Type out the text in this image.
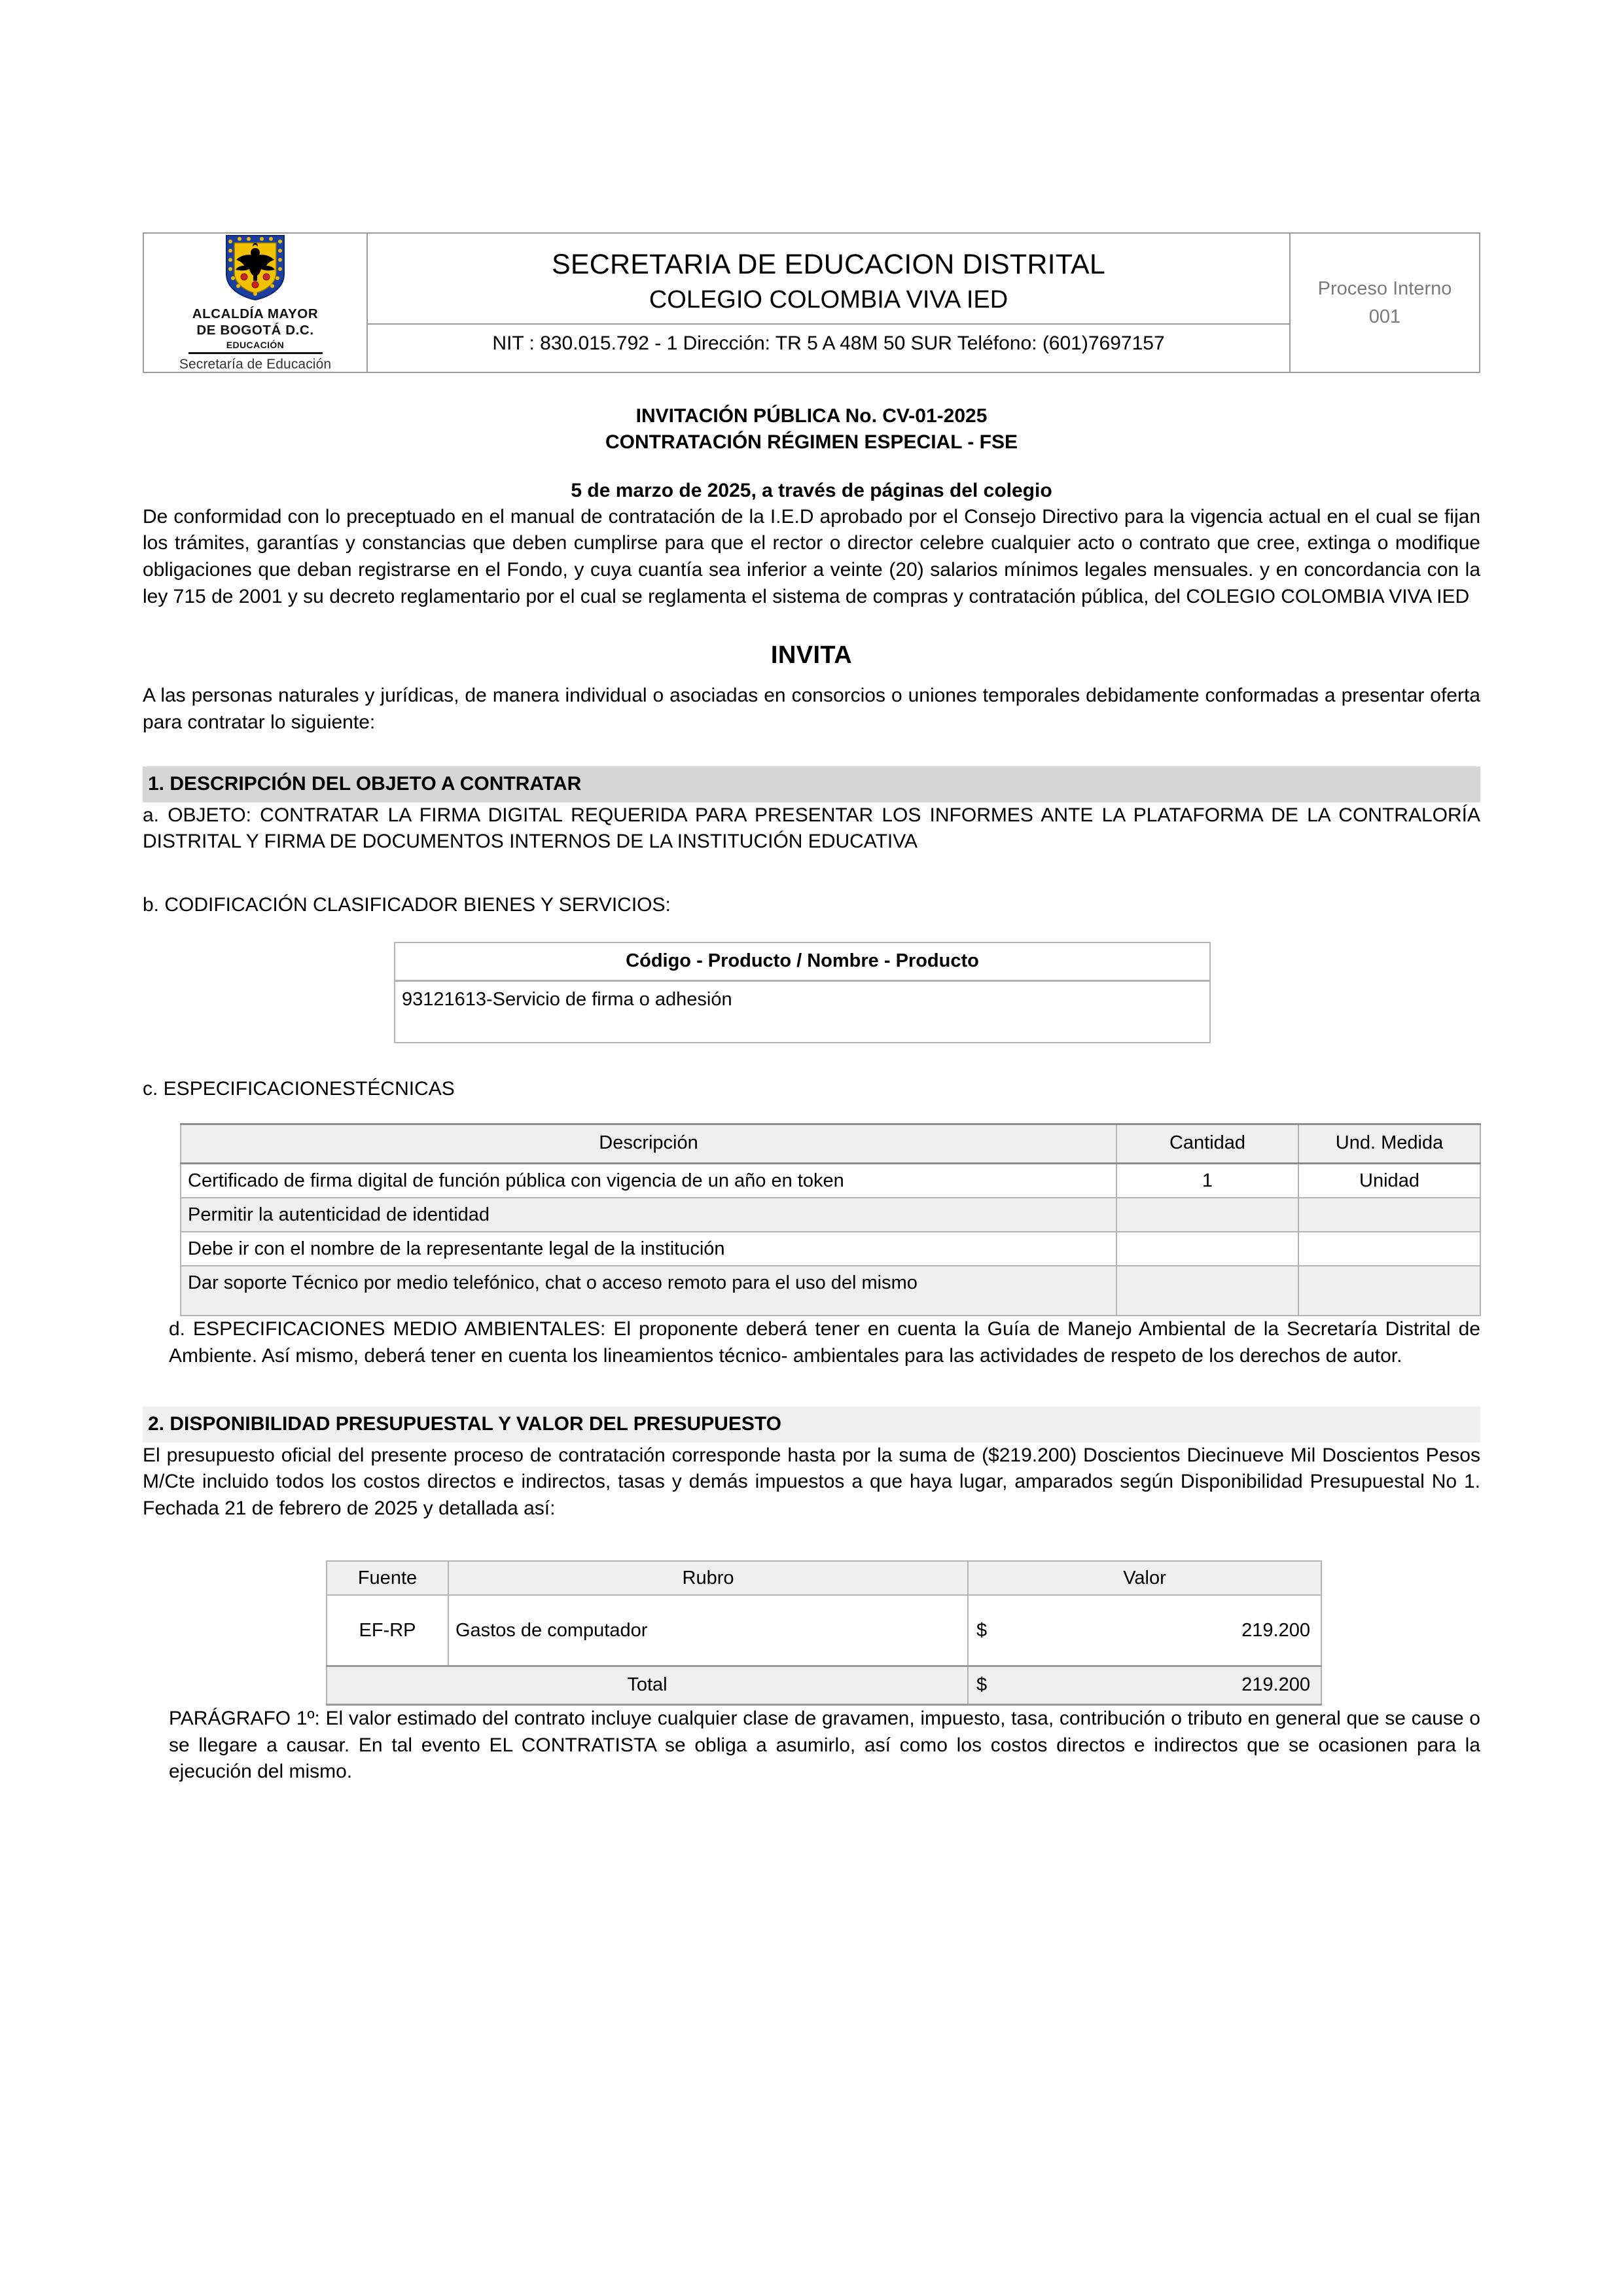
ALCALDÍA MAYOR
DE BOGOTÁ D.C.
EDUCACIÓN
Secretaría de Educación

SECRETARIA DE EDUCACION DISTRITAL
COLEGIO COLOMBIA VIVA IED
NIT : 830.015.792 - 1 Dirección: TR 5 A 48M 50 SUR Teléfono: (601)7697157

Proceso Interno
001
INVITACIÓN PÚBLICA No. CV-01-2025
CONTRATACIÓN RÉGIMEN ESPECIAL - FSE
5 de marzo de 2025, a través de páginas del colegio

De conformidad con lo preceptuado en el manual de contratación de la I.E.D aprobado por el Consejo Directivo para la vigencia actual en el cual se fijan los trámites, garantías y constancias que deben cumplirse para que el rector o director celebre cualquier acto o contrato que cree, extinga o modifique obligaciones que deban registrarse en el Fondo, y cuya cuantía sea inferior a veinte (20) salarios mínimos legales mensuales. y en concordancia con la ley 715 de 2001 y su decreto reglamentario por el cual se reglamenta el sistema de compras y contratación pública, del COLEGIO COLOMBIA VIVA IED

INVITA

A las personas naturales y jurídicas, de manera individual o asociadas en consorcios o uniones temporales debidamente conformadas a presentar oferta para contratar lo siguiente:

1. DESCRIPCIÓN DEL OBJETO A CONTRATAR

a. OBJETO: CONTRATAR LA FIRMA DIGITAL REQUERIDA PARA PRESENTAR LOS INFORMES ANTE LA PLATAFORMA DE LA CONTRALORÍA DISTRITAL Y FIRMA DE DOCUMENTOS INTERNOS DE LA INSTITUCIÓN EDUCATIVA

b. CODIFICACIÓN CLASIFICADOR BIENES Y SERVICIOS:
Código - Producto / Nombre - Producto
93121613-Servicio de firma o adhesión
c. ESPECIFICACIONESTÉCNICAS
Descripción	Cantidad	Und. Medida
Certificado de firma digital de función pública con vigencia de un año en token	1	Unidad
Permitir la autenticidad de identidad		
Debe ir con el nombre de la representante legal de la institución		
Dar soporte Técnico por medio telefónico, chat o acceso remoto para el uso del mismo		

d. ESPECIFICACIONES MEDIO AMBIENTALES: El proponente deberá tener en cuenta la Guía de Manejo Ambiental de la Secretaría Distrital de Ambiente. Así mismo, deberá tener en cuenta los lineamientos técnico- ambientales para las actividades de respeto de los derechos de autor.

2. DISPONIBILIDAD PRESUPUESTAL Y VALOR DEL PRESUPUESTO

El presupuesto oficial del presente proceso de contratación corresponde hasta por la suma de ($219.200) Doscientos Diecinueve Mil Doscientos Pesos M/Cte incluido todos los costos directos e indirectos, tasas y demás impuestos a que haya lugar, amparados según Disponibilidad Presupuestal No 1. Fechada 21 de febrero de 2025 y detallada así:

Fuente	Rubro	Valor
EF-RP	Gastos de computador	$ 219.200

Total		$ 219.200

PARÁGRAFO 1º: El valor estimado del contrato incluye cualquier clase de gravamen, impuesto, tasa, contribución o tributo en general que se cause o se llegare a causar. En tal evento EL CONTRATISTA se obliga a asumirlo, así como los costos directos e indirectos que se ocasionen para la ejecución del mismo.
